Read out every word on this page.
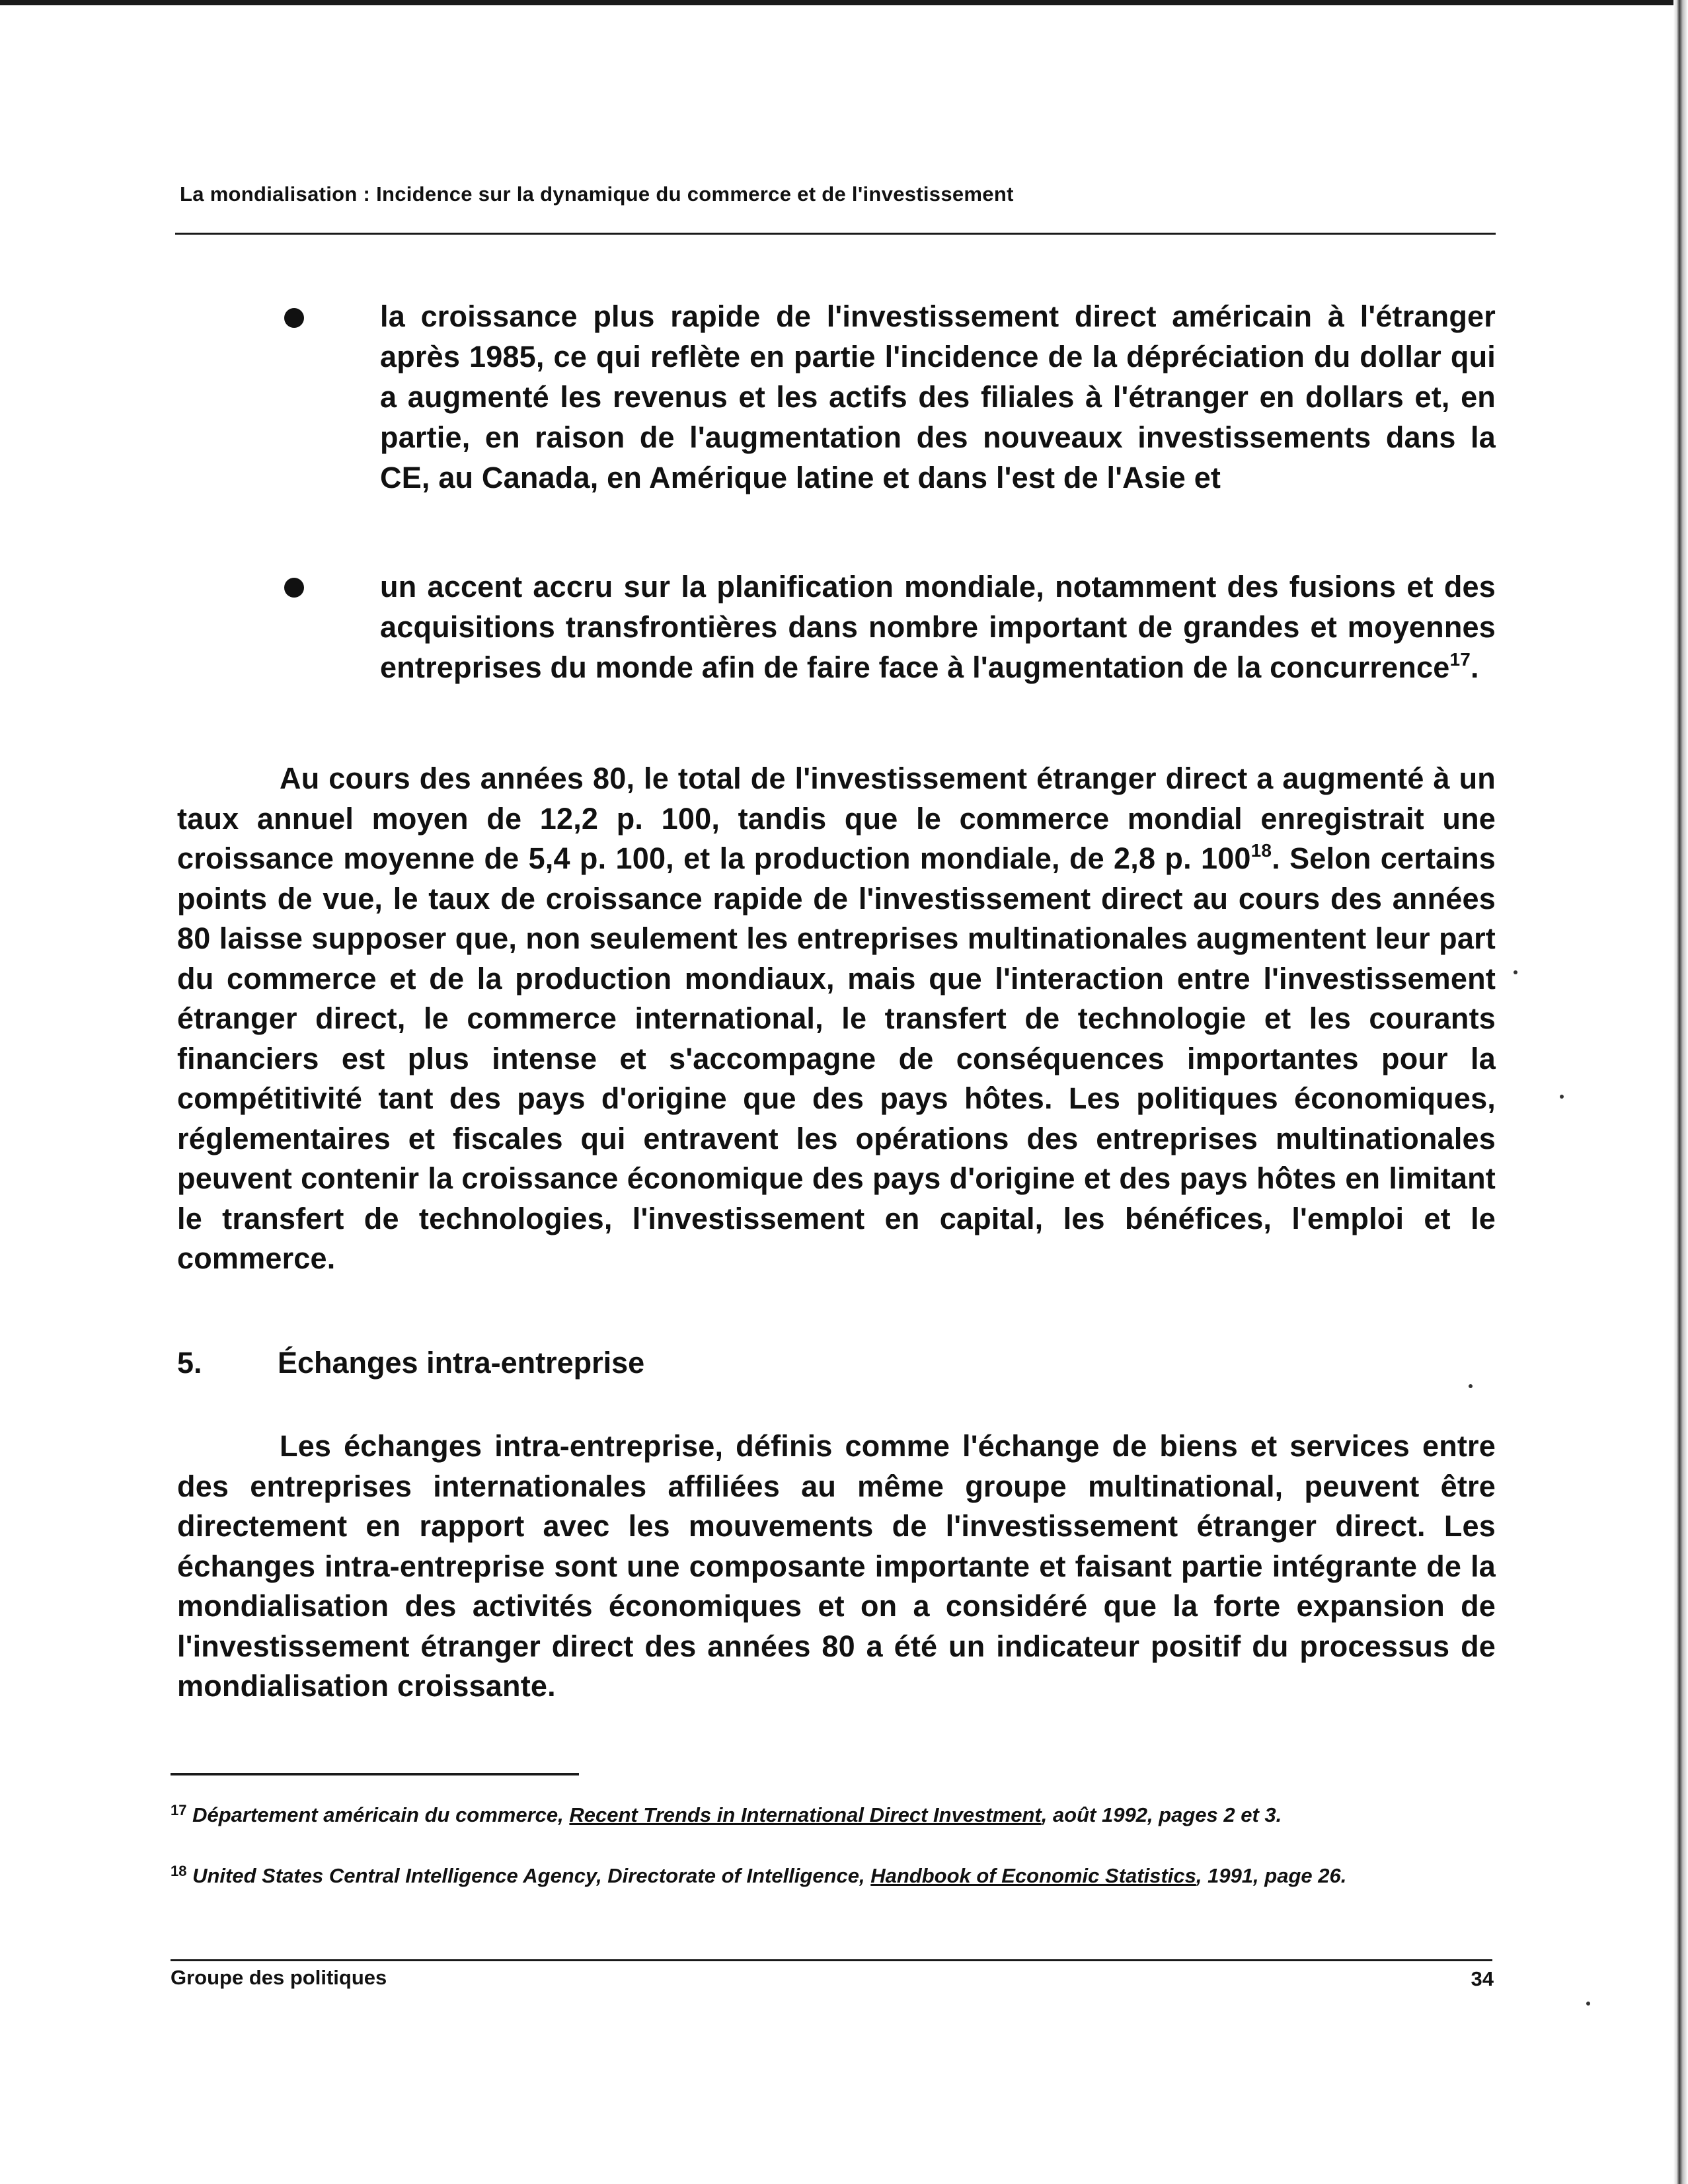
La mondialisation : Incidence sur la dynamique du commerce et de l'investissement
la croissance plus rapide de l'investissement direct américain à l'étranger après 1985, ce qui reflète en partie l'incidence de la dépréciation du dollar qui a augmenté les revenus et les actifs des filiales à l'étranger en dollars et, en partie, en raison de l'augmentation des nouveaux investissements dans la CE, au Canada, en Amérique latine et dans l'est de l'Asie et
un accent accru sur la planification mondiale, notamment des fusions et des acquisitions transfrontières dans nombre important de grandes et moyennes entreprises du monde afin de faire face à l'augmentation de la concurrence$^{17}$.
Au cours des années 80, le total de l'investissement étranger direct a augmenté à un taux annuel moyen de 12,2 p. 100, tandis que le commerce mondial enregistrait une croissance moyenne de 5,4 p. 100, et la production mondiale, de 2,8 p. $100^{18}$. Selon certains points de vue, le taux de croissance rapide de l'investissement direct au cours des années 80 laisse supposer que, non seulement les entreprises multinationales augmentent leur part du commerce et de la production mondiaux, mais que l'interaction entre l'investissement étranger direct, le commerce international, le transfert de technologie et les courants financiers est plus intense et s'accompagne de conséquences importantes pour la compétitivité tant des pays d'origine que des pays hôtes. Les politiques économiques, réglementaires et fiscales qui entravent les opérations des entreprises multinationales peuvent contenir la croissance économique des pays d'origine et des pays hôtes en limitant le transfert de technologies, l'investissement en capital, les bénéfices, l'emploi et le commerce.
5.	Échanges intra-entreprise
Les échanges intra-entreprise, définis comme l'échange de biens et services entre des entreprises internationales affiliées au même groupe multinational, peuvent être directement en rapport avec les mouvements de l'investissement étranger direct. Les échanges intra-entreprise sont une composante importante et faisant partie intégrante de la mondialisation des activités économiques et on a considéré que la forte expansion de l'investissement étranger direct des années 80 a été un indicateur positif du processus de mondialisation croissante.
$^{17}$ Département américain du commerce, Recent Trends in International Direct Investment, août 1992, pages 2 et 3.
$^{18}$ United States Central Intelligence Agency, Directorate of Intelligence, Handbook of Economic Statistics, 1991, page 26.
Groupe des politiques	34
